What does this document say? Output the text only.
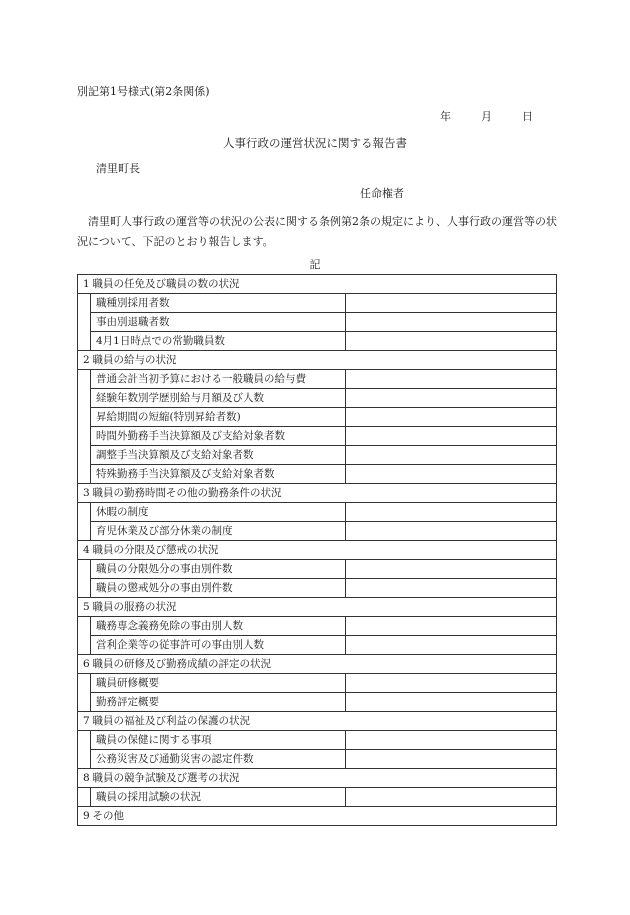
別記第1号様式(第2条関係)
年	月	日
人事行政の運営状況に関する報告書
清里町長
任命権者
清里町人事行政の運営等の状況の公表に関する条例第2条の規定により、人事行政の運営等の状況について、下記のとおり報告します。
記
1	職員の任免及び職員の数の状況	
	職種別採用者数	
	事由別退職者数	
	4月1日時点での常勤職員数	
2	職員の給与の状況	
	普通会計当初予算における一般職員の給与費	
	経験年数別学歴別給与月額及び人数	
	昇給期間の短縮(特別昇給者数)	
	時間外勤務手当決算額及び支給対象者数	
	調整手当決算額及び支給対象者数	
	特殊勤務手当決算額及び支給対象者数	
3	職員の勤務時間その他の勤務条件の状況	
	休暇の制度	
	育児休業及び部分休業の制度	
4	職員の分限及び懲戒の状況	
	職員の分限処分の事由別件数	
	職員の懲戒処分の事由別件数	
5	職員の服務の状況	
	職務専念義務免除の事由別人数	
	営利企業等の従事許可の事由別人数	
6	職員の研修及び勤務成績の評定の状況	
	職員研修概要	
	勤務評定概要	
7	職員の福祉及び利益の保護の状況	
	職員の保健に関する事項	
	公務災害及び通勤災害の認定件数	
8	職員の競争試験及び選考の状況	
	職員の採用試験の状況	
9	その他	
